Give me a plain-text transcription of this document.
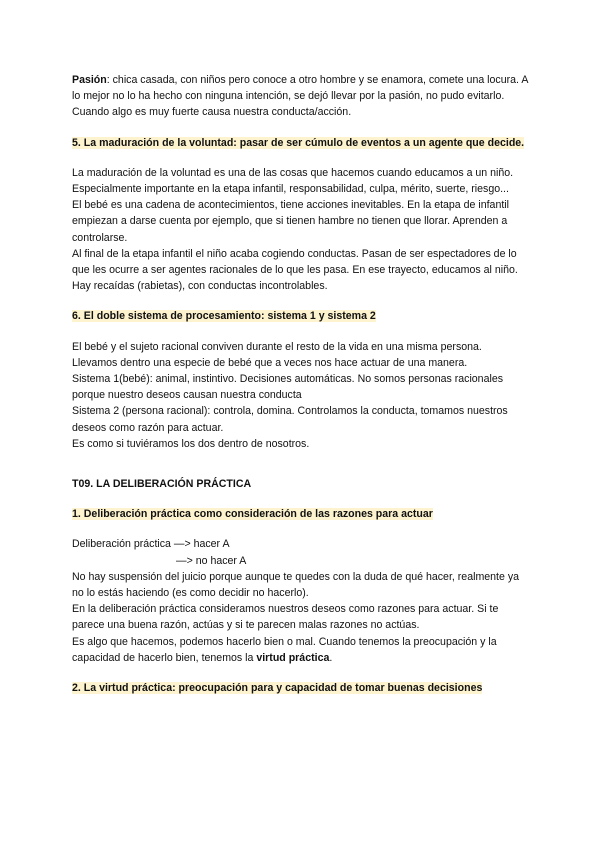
Pasión: chica casada, con niños pero conoce a otro hombre y se enamora, comete una locura. A lo mejor no lo ha hecho con ninguna intención, se dejó llevar por la pasión, no pudo evitarlo.

Cuando algo es muy fuerte causa nuestra conducta/acción.

5. La maduración de la voluntad: pasar de ser cúmulo de eventos a un agente que decide.

La maduración de la voluntad es una de las cosas que hacemos cuando educamos a un niño.

Especialmente importante en la etapa infantil, responsabilidad, culpa, mérito, suerte, riesgo...

El bebé es una cadena de acontecimientos, tiene acciones inevitables. En la etapa de infantil empiezan a darse cuenta por ejemplo, que si tienen hambre no tienen que llorar. Aprenden a controlarse.

Al final de la etapa infantil el niño acaba cogiendo conductas. Pasan de ser espectadores de lo que les ocurre a ser agentes racionales de lo que les pasa. En ese trayecto, educamos al niño.

Hay recaídas (rabietas), con conductas incontrolables.

6. El doble sistema de procesamiento: sistema 1 y sistema 2

El bebé y el sujeto racional conviven durante el resto de la vida en una misma persona.

Llevamos dentro una especie de bebé que a veces nos hace actuar de una manera.

Sistema 1(bebé): animal, instintivo. Decisiones automáticas. No somos personas racionales porque nuestro deseos causan nuestra conducta

Sistema 2 (persona racional): controla, domina. Controlamos la conducta, tomamos nuestros deseos como razón para actuar.

Es como si tuviéramos los dos dentro de nosotros.

T09. LA DELIBERACIÓN PRÁCTICA

1. Deliberación práctica como consideración de las razones para actuar

Deliberación práctica —> hacer A

—> no hacer A

No hay suspensión del juicio porque aunque te quedes con la duda de qué hacer, realmente ya no lo estás haciendo (es como decidir no hacerlo).

En la deliberación práctica consideramos nuestros deseos como razones para actuar. Si te parece una buena razón, actúas y si te parecen malas razones no actúas.

Es algo que hacemos, podemos hacerlo bien o mal. Cuando tenemos la preocupación y la capacidad de hacerlo bien, tenemos la virtud práctica.

2. La virtud práctica: preocupación para y capacidad de tomar buenas decisiones
